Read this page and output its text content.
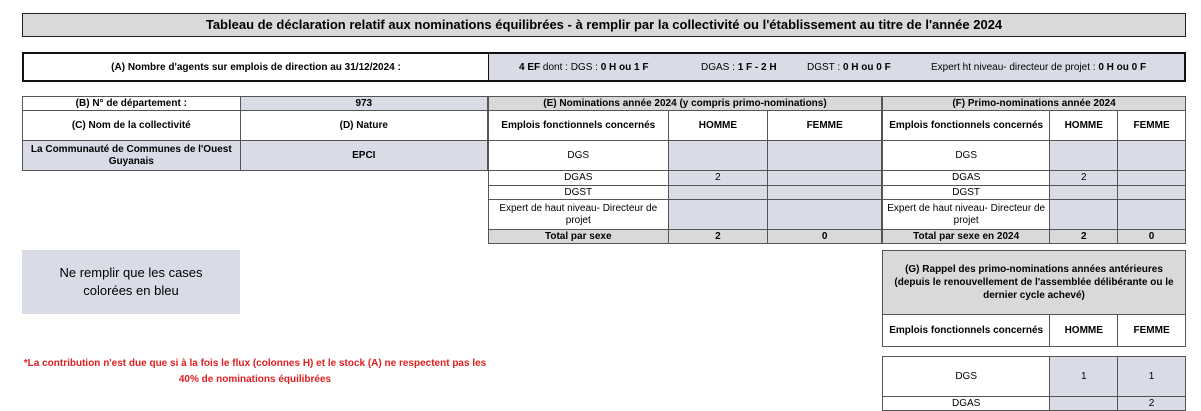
Tableau de déclaration relatif aux nominations équilibrées - à remplir par la collectivité ou l'établissement au titre de l'année 2024
(A) Nombre d'agents sur emplois de direction au 31/12/2024 :	4 EF dont : DGS : 0 H ou 1 F	DGAS : 1 F - 2 H	DGST : 0 H ou 0 F	Expert ht niveau- directeur de projet : 0 H ou 0 F
(B) N° de département :	973
(C) Nom de la collectivité	(D) Nature
La Communauté de Communes de l'Ouest Guyanais	EPCI
(E) Nominations année 2024 (y compris primo-nominations)		
Emplois fonctionnels concernés	HOMME	FEMME
DGS		
DGAS	2	
DGST		
Expert de haut niveau- Directeur de projet		
Total par sexe	2	0
(F) Primo-nominations année 2024		
Emplois fonctionnels concernés	HOMME	FEMME
DGS		
DGAS	2	
DGST		
Expert de haut niveau- Directeur de projet		
Total par sexe en 2024	2	0
(G) Rappel des primo-nominations années antérieures (depuis le renouvellement de l'assemblée délibérante ou le dernier cycle achevé)		
Emplois fonctionnels concernés	HOMME	FEMME

DGS	1	1
DGAS		2
Ne remplir que les cases colorées en bleu
*La contribution n'est due que si à la fois le flux (colonnes H) et le stock (A) ne respectent pas les 40% de nominations équilibrées
